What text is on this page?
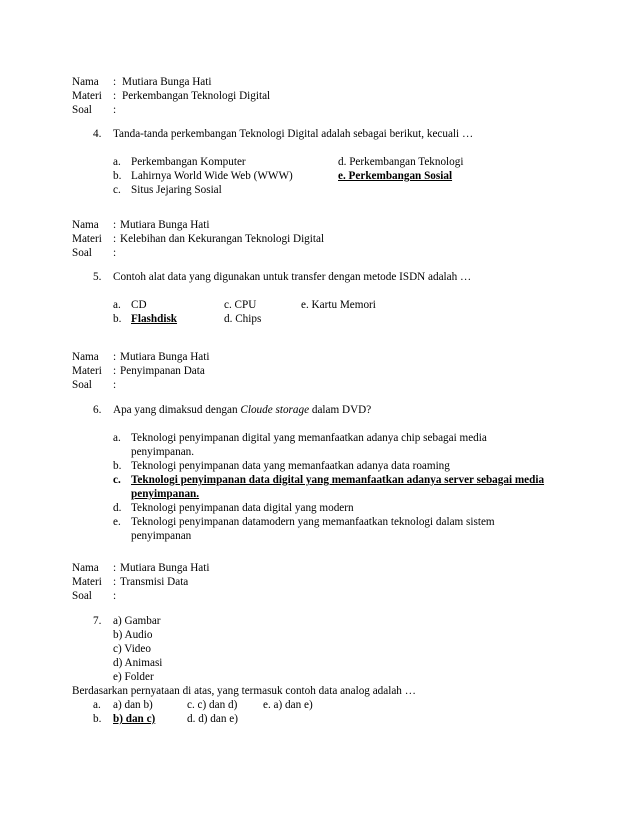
Nama : Mutiara Bunga Hati
Materi : Perkembangan Teknologi Digital
Soal :
4. Tanda-tanda perkembangan Teknologi Digital adalah sebagai berikut, kecuali …
a. Perkembangan Komputer	d. Perkembangan Teknologi
b. Lahirnya World Wide Web (WWW)	e. Perkembangan Sosial
c. Situs Jejaring Sosial
Nama : Mutiara Bunga Hati
Materi : Kelebihan dan Kekurangan Teknologi Digital
Soal :
5. Contoh alat data yang digunakan untuk transfer dengan metode ISDN adalah …
a. CD	c. CPU	e. Kartu Memori
b. Flashdisk	d. Chips
Nama : Mutiara Bunga Hati
Materi : Penyimpanan Data
Soal :
6. Apa yang dimaksud dengan Cloude storage dalam DVD?
a. Teknologi penyimpanan digital yang memanfaatkan adanya chip sebagai media
penyimpanan.
b. Teknologi penyimpanan data yang memanfaatkan adanya data roaming
c. Teknologi penyimpanan data digital yang memanfaatkan adanya server sebagai media
penyimpanan.
d. Teknologi penyimpanan data digital yang modern
e. Teknologi penyimpanan datamodern yang memanfaatkan teknologi dalam sistem
penyimpanan
Nama : Mutiara Bunga Hati
Materi : Transmisi Data
Soal :
7. a) Gambar
b) Audio
c) Video
d) Animasi
e) Folder
Berdasarkan pernyataan di atas, yang termasuk contoh data analog adalah …
a. a) dan b)	c. c) dan d) e. a) dan e)
b. b) dan c)	d. d) dan e)
